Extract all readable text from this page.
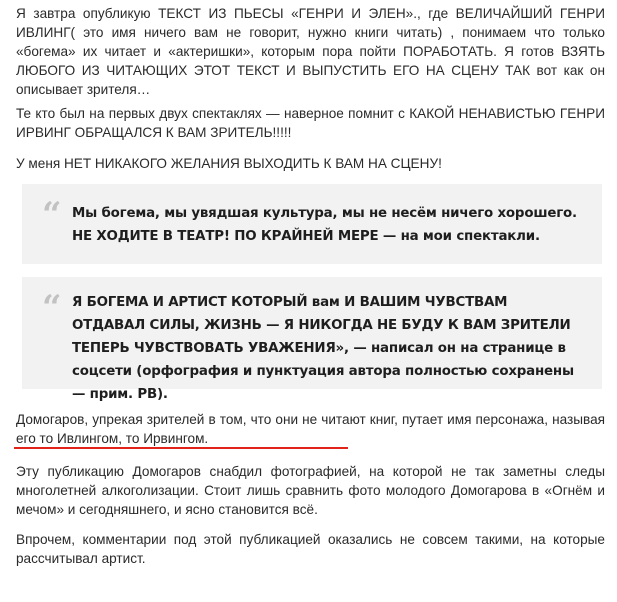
Я завтра опубликую ТЕКСТ ИЗ ПЬЕСЫ «ГЕНРИ И ЭЛЕН»., где ВЕЛИЧАЙШИЙ ГЕНРИ ИВЛИНГ( это имя ничего вам не говорит, нужно книги читать) , понимаем что только «богема» их читает и «актеришки», которым пора пойти ПОРАБОТАТЬ. Я готов ВЗЯТЬ ЛЮБОГО ИЗ ЧИТАЮЩИХ ЭТОТ ТЕКСТ И ВЫПУСТИТЬ ЕГО НА СЦЕНУ ТАК вот как он описывает зрителя…

Те кто был на первых двух спектаклях — наверное помнит с КАКОЙ НЕНАВИСТЬЮ ГЕНРИ ИРВИНГ ОБРАЩАЛСЯ К ВАМ ЗРИТЕЛЬ!!!!!

У меня НЕТ НИКАКОГО ЖЕЛАНИЯ ВЫХОДИТЬ К ВАМ НА СЦЕНУ!

Домогаров, упрекая зрителей в том, что они не читают книг, путает имя персонажа, называя его то Ивлингом, то Ирвингом.

Эту публикацию Домогаров снабдил фотографией, на которой не так заметны следы многолетней алкоголизации. Стоит лишь сравнить фото молодого Домогарова в «Огнём и мечом» и сегодняшнего, и ясно становится всё.

Впрочем, комментарии под этой публикацией оказались не совсем такими, на которые рассчитывал артист.

“ Мы богема, мы увядшая культура, мы не несём ничего хорошего. НЕ ХОДИТЕ В ТЕАТР! ПО КРАЙНЕЙ МЕРЕ — на мои спектакли.
“ Я БОГЕМА И АРТИСТ КОТОРЫЙ вам И ВАШИМ ЧУВСТВАМ ОТДАВАЛ СИЛЫ, ЖИЗНЬ — Я НИКОГДА НЕ БУДУ К ВАМ ЗРИТЕЛИ ТЕПЕРЬ ЧУВСТВОВАТЬ УВАЖЕНИЯ», — написал он на странице в соцсети (орфография и пунктуация автора полностью сохранены — прим. РВ).
